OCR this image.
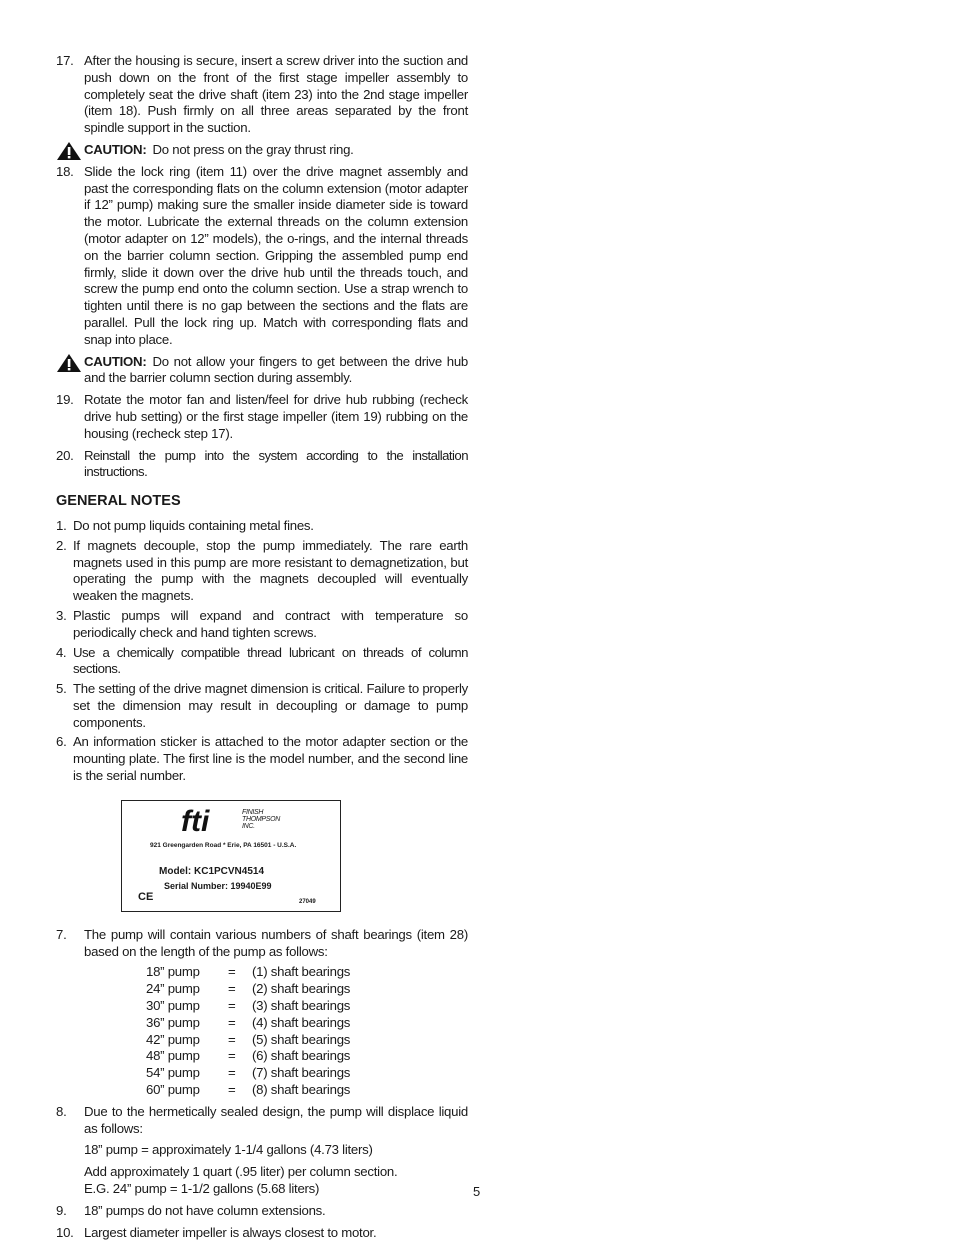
17. After the housing is secure, insert a screw driver into the suction and push down on the front of the first stage impeller assembly to completely seat the drive shaft (item 23) into the 2nd stage impeller (item 18). Push firmly on all three areas separated by the front spindle support in the suction.
CAUTION: Do not press on the gray thrust ring.
18. Slide the lock ring (item 11) over the drive magnet assembly and past the corresponding flats on the column extension (motor adapter if 12” pump) making sure the smaller inside diameter side is toward the motor. Lubricate the external threads on the column extension (motor adapter on 12” models), the o-rings, and the internal threads on the barrier column section. Gripping the assembled pump end firmly, slide it down over the drive hub until the threads touch, and screw the pump end onto the column section. Use a strap wrench to tighten until there is no gap between the sections and the flats are parallel. Pull the lock ring up. Match with corresponding flats and snap into place.
CAUTION: Do not allow your fingers to get between the drive hub and the barrier column section during assembly.
19. Rotate the motor fan and listen/feel for drive hub rubbing (recheck drive hub setting) or the first stage impeller (item 19) rubbing on the housing (recheck step 17).
20. Reinstall the pump into the system according to the installation instructions.
GENERAL NOTES
1. Do not pump liquids containing metal fines.
2. If magnets decouple, stop the pump immediately. The rare earth magnets used in this pump are more resistant to demagnetization, but operating the pump with the magnets decoupled will eventually weaken the magnets.
3. Plastic pumps will expand and contract with temperature so periodically check and hand tighten screws.
4. Use a chemically compatible thread lubricant on threads of column sections.
5. The setting of the drive magnet dimension is critical. Failure to properly set the dimension may result in decoupling or damage to pump components.
6. An information sticker is attached to the motor adapter section or the mounting plate. The first line is the model number, and the second line is the serial number.
fti	FINISH
THOMPSON
INC.
921 Greengarden Road * Erie, PA 16501 - U.S.A.
Model: KC1PCVN4514
Serial Number: 19940E99
CE	27049
7. The pump will contain various numbers of shaft bearings (item 28) based on the length of the pump as follows:
18” pump	=	(1) shaft bearings
24” pump	=	(2) shaft bearings
30” pump	=	(3) shaft bearings
36” pump	=	(4) shaft bearings
42” pump	=	(5) shaft bearings
48” pump	=	(6) shaft bearings
54” pump	=	(7) shaft bearings
60” pump	=	(8) shaft bearings
8. Due to the hermetically sealed design, the pump will displace liquid as follows:
18” pump = approximately 1-1/4 gallons (4.73 liters)
Add approximately 1 quart (.95 liter) per column section.
E.G. 24” pump = 1-1/2 gallons (5.68 liters)
9. 18” pumps do not have column extensions.
10. Largest diameter impeller is always closest to motor.
5
